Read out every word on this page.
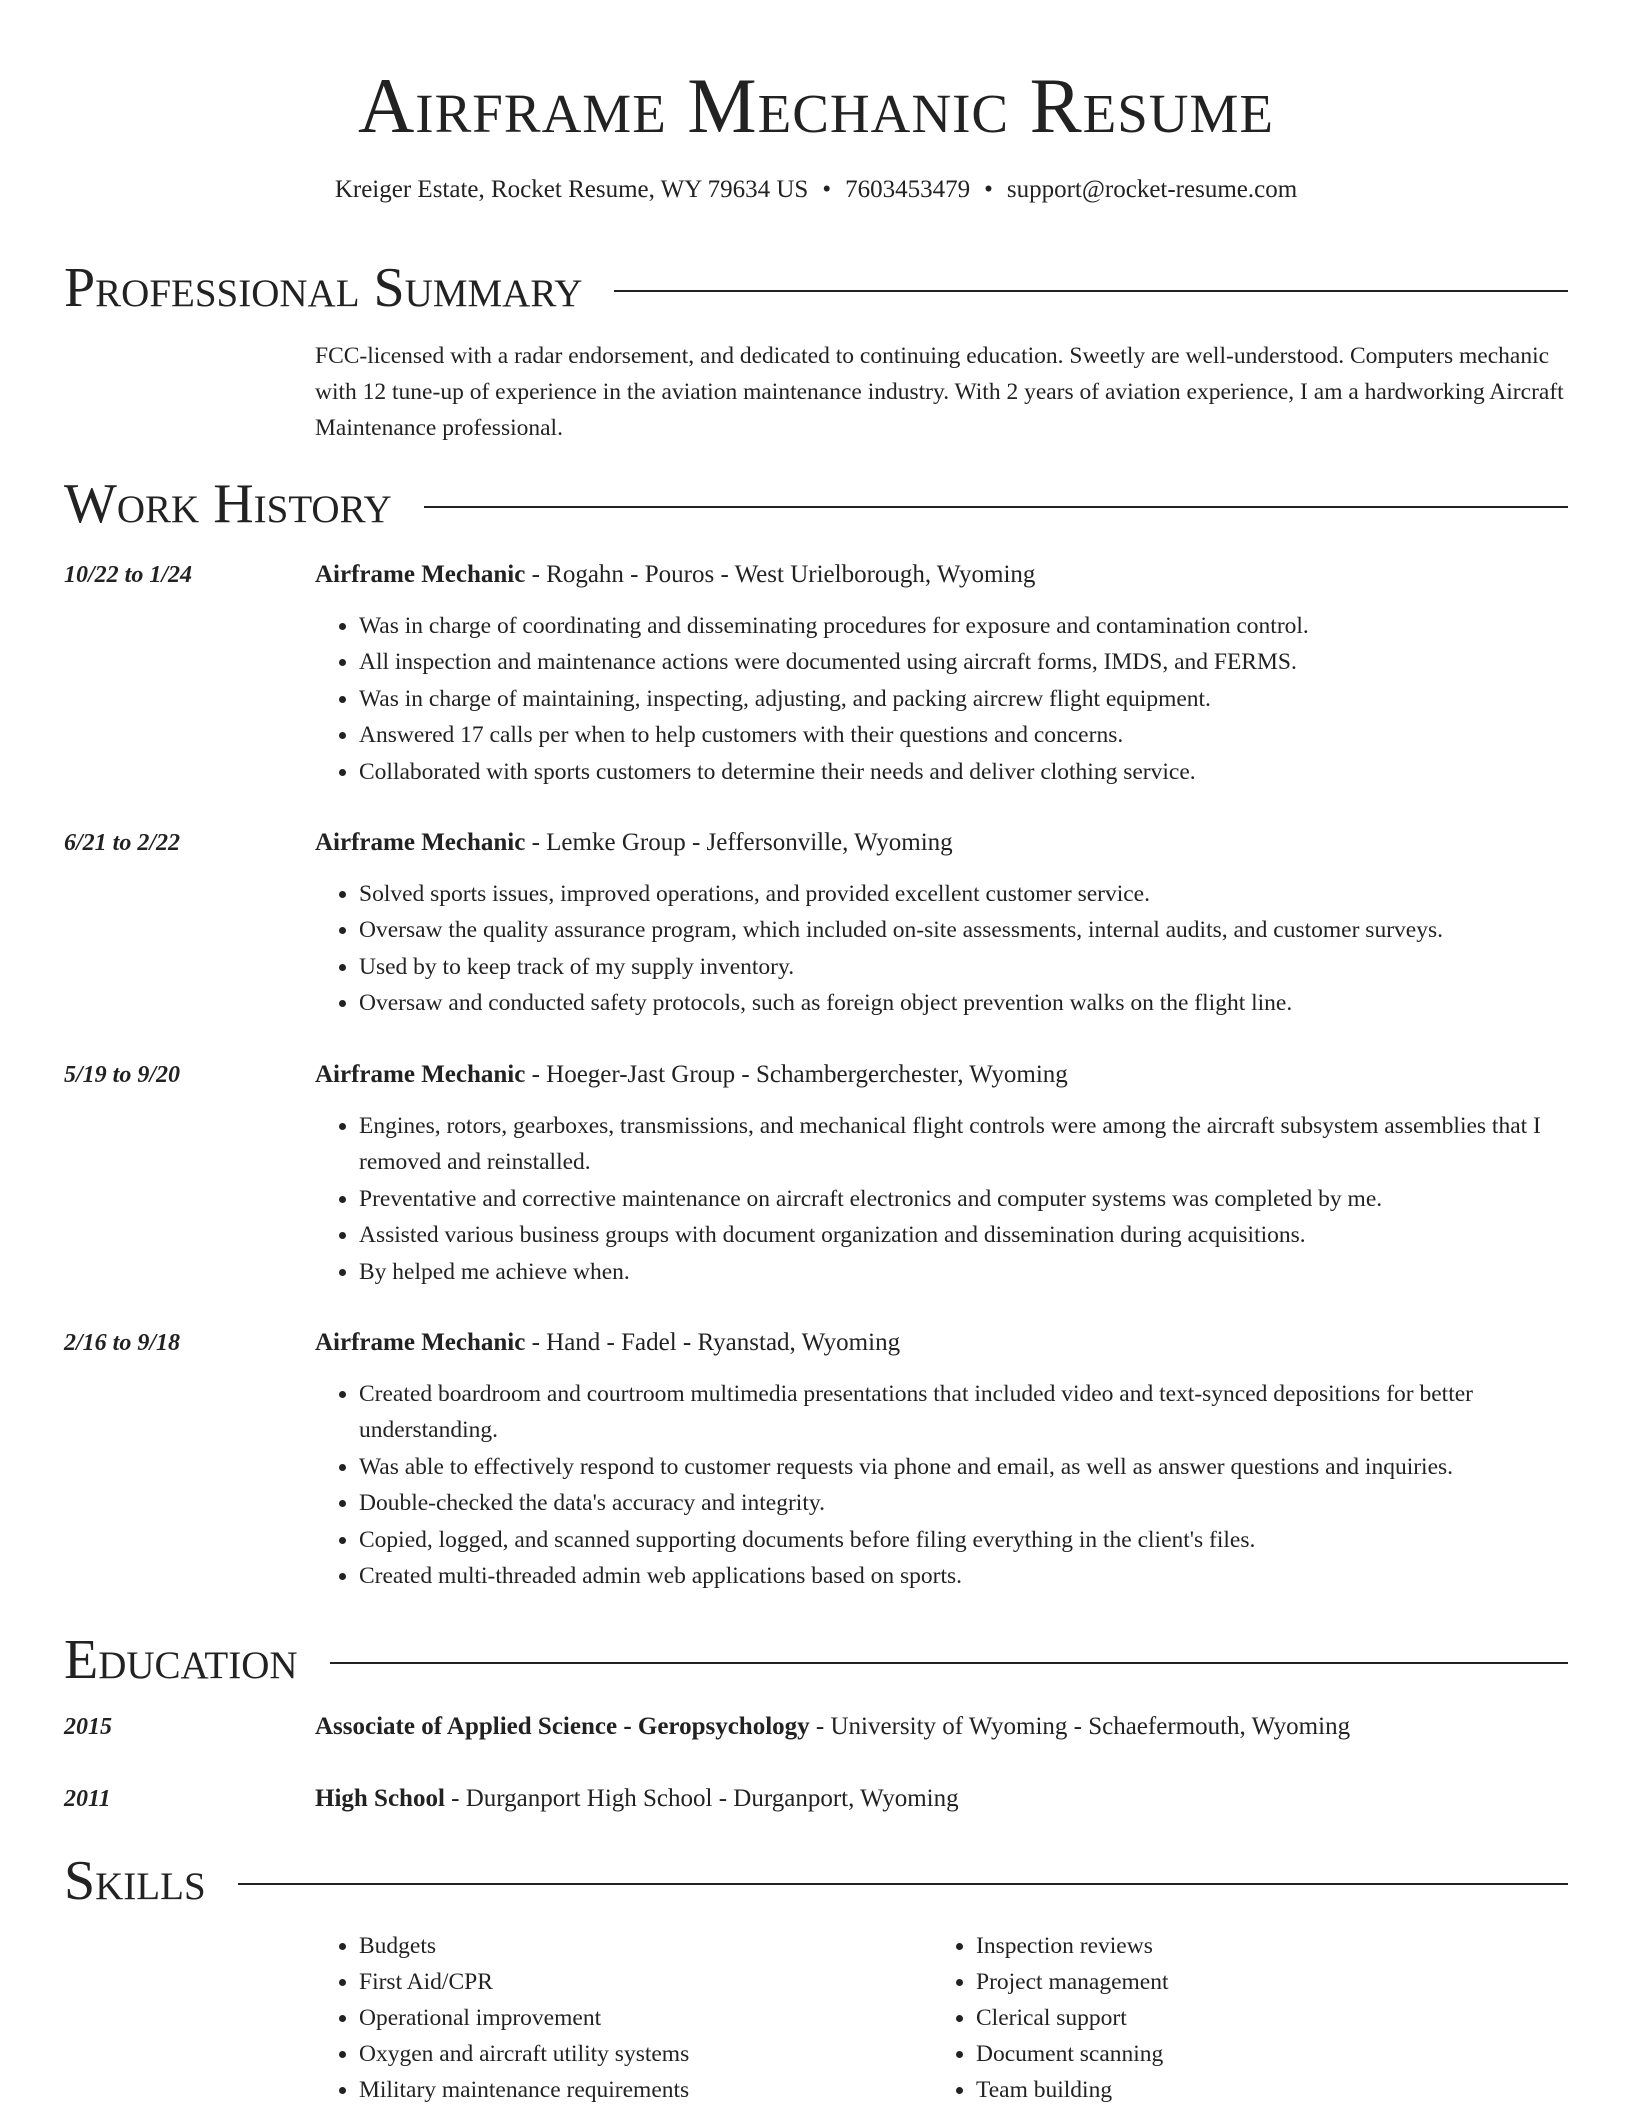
Airframe Mechanic Resume
Kreiger Estate, Rocket Resume, WY 79634 US • 7603453479 • support@rocket-resume.com
Professional Summary

FCC-licensed with a radar endorsement, and dedicated to continuing education. Sweetly are well-understood. Computers mechanic with 12 tune-up of experience in the aviation maintenance industry. With 2 years of aviation experience, I am a hardworking Aircraft Maintenance professional.

Work History
10/22 to 1/24	Airframe Mechanic - Rogahn - Pouros - West Urielborough, Wyoming
• Was in charge of coordinating and disseminating procedures for exposure and contamination control.
• All inspection and maintenance actions were documented using aircraft forms, IMDS, and FERMS.
• Was in charge of maintaining, inspecting, adjusting, and packing aircrew flight equipment.
• Answered 17 calls per when to help customers with their questions and concerns.
• Collaborated with sports customers to determine their needs and deliver clothing service.
6/21 to 2/22	Airframe Mechanic - Lemke Group - Jeffersonville, Wyoming
• Solved sports issues, improved operations, and provided excellent customer service.
• Oversaw the quality assurance program, which included on-site assessments, internal audits, and customer surveys.
• Used by to keep track of my supply inventory.
• Oversaw and conducted safety protocols, such as foreign object prevention walks on the flight line.
5/19 to 9/20	Airframe Mechanic - Hoeger-Jast Group - Schambergerchester, Wyoming
• Engines, rotors, gearboxes, transmissions, and mechanical flight controls were among the aircraft subsystem assemblies that I removed and reinstalled.
• Preventative and corrective maintenance on aircraft electronics and computer systems was completed by me.
• Assisted various business groups with document organization and dissemination during acquisitions.
• By helped me achieve when.
2/16 to 9/18	Airframe Mechanic - Hand - Fadel - Ryanstad, Wyoming
• Created boardroom and courtroom multimedia presentations that included video and text-synced depositions for better understanding.
• Was able to effectively respond to customer requests via phone and email, as well as answer questions and inquiries.
• Double-checked the data's accuracy and integrity.
• Copied, logged, and scanned supporting documents before filing everything in the client's files.
• Created multi-threaded admin web applications based on sports.
Education
2015	Associate of Applied Science - Geropsychology - University of Wyoming - Schaefermouth, Wyoming
2011	High School - Durganport High School - Durganport, Wyoming
Skills
• Budgets
• First Aid/CPR
• Operational improvement
• Oxygen and aircraft utility systems
• Military maintenance requirements
• Inspection reviews
• Project management
• Clerical support
• Document scanning
• Team building
